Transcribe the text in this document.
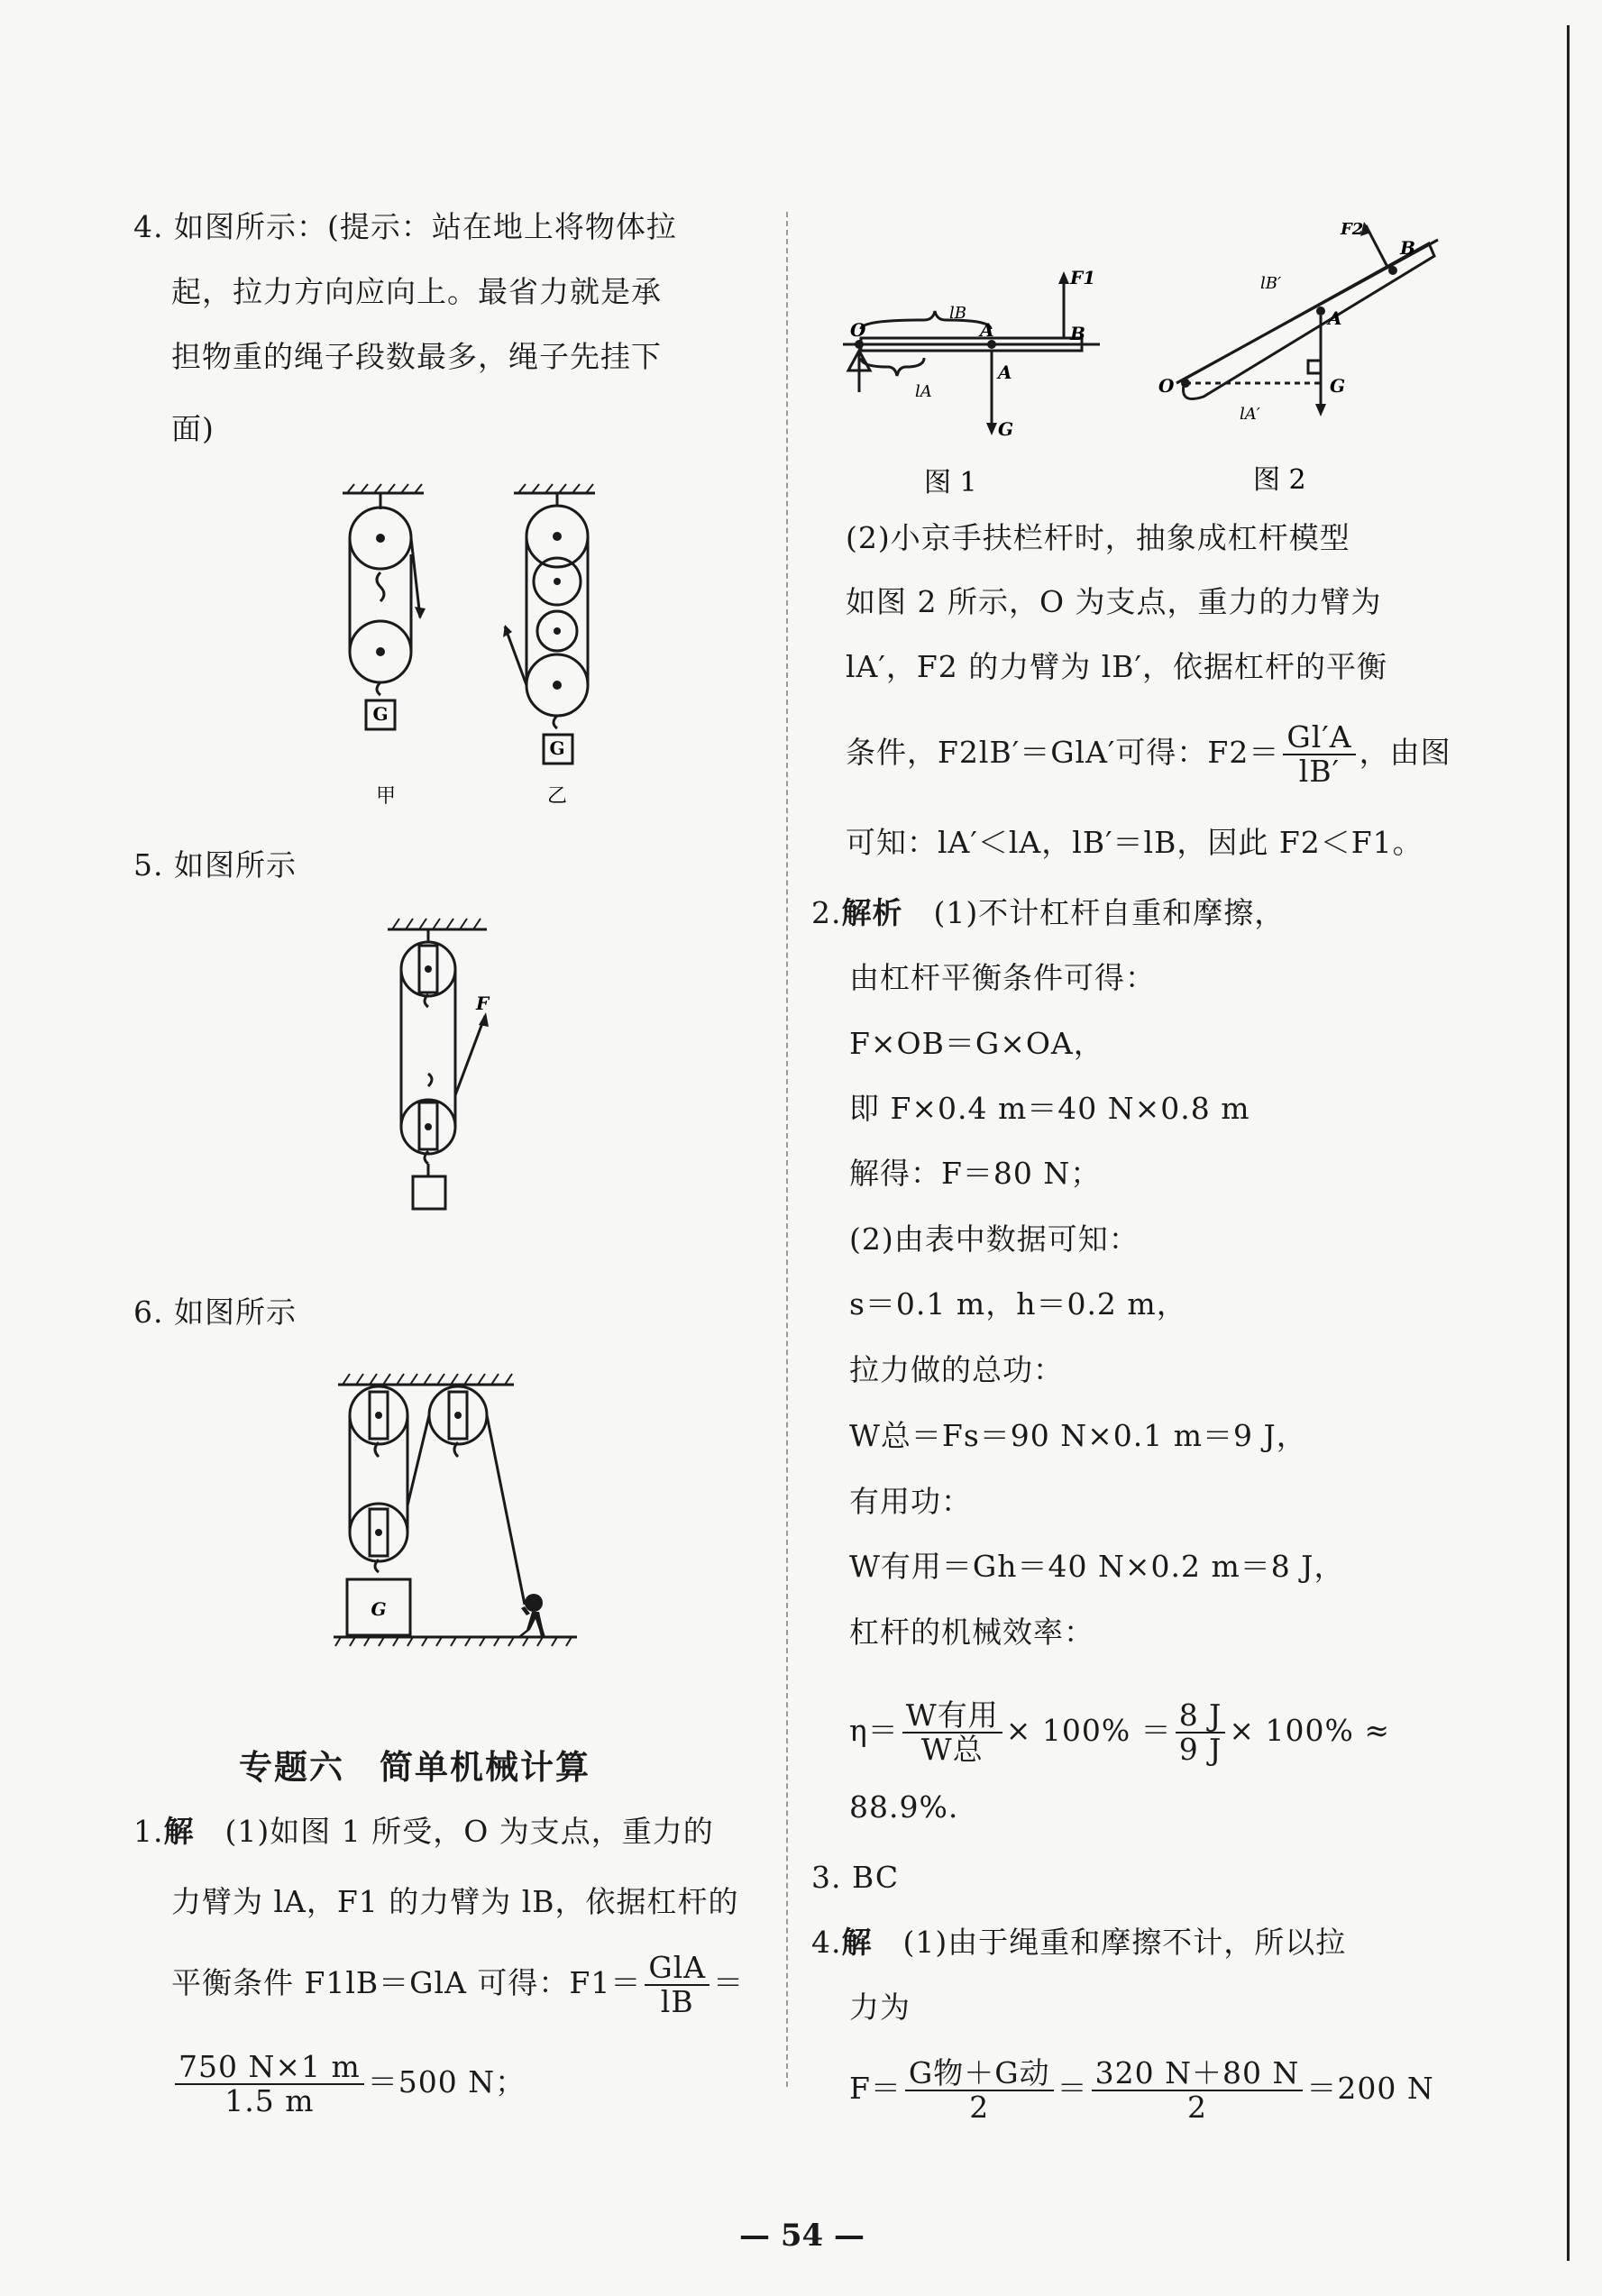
4. 如图所示：(提示：站在地上将物体拉
起，拉力方向应向上。最省力就是承
担物重的绳子段数最多，绳子先挂下
面)
G
G
甲	乙
5. 如图所示
F
6. 如图所示
G
专题六　简单机械计算
1.解　 (1)如图 1 所受，O 为支点，重力的
力臂为 lA，F1 的力臂为 lB，依据杠杆的
平衡条件 F1lB＝GlA 可得：$F1= \frac{\text{GlA}}{lB}$ ＝
$\frac{750 N\times 1 m}{1.5 m} =500$ N；
O	A	B
F1
A
G
lB
lA
图 1
O
A
B
F2
G
lB′
lA′
图 2
(2)小京手扶栏杆时，抽象成杠杆模型
如图 2 所示，O 为支点，重力的力臂为
lA′，F2 的力臂为 lB′，依据杠杆的平衡
条件，F2lB′＝GlA′可得：$F2= \frac{Gl'A}{lB'}$ ，由图
可知：lA′＜lA，lB′＝lB，因此 F2＜F1。
2.解析　 (1)不计杠杆自重和摩擦，
由杠杆平衡条件可得：
F×OB＝G×OA，
即 F×0.4 m＝40 N×0.8 m
解得：F＝80 N；
(2)由表中数据可知：
s＝0.1 m，h＝0.2 m，
拉力做的总功：
W总＝Fs＝90 N×0.1 m＝9 J，
有用功：
W有用＝Gh＝40 N×0.2 m＝8 J，
杠杆的机械效率：
$\eta= \frac{\text{W有用}}{\text{W总}} \times 100\% = \frac{8 J}{9 J} \times 100\%$ ≈
88.9%.
3. BC
4.解　 (1)由于绳重和摩擦不计，所以拉
力为
$F= \frac{\text{G物＋G动}}{2} = \frac{320 N+80 N}{2} =200$ N
— 54 —
